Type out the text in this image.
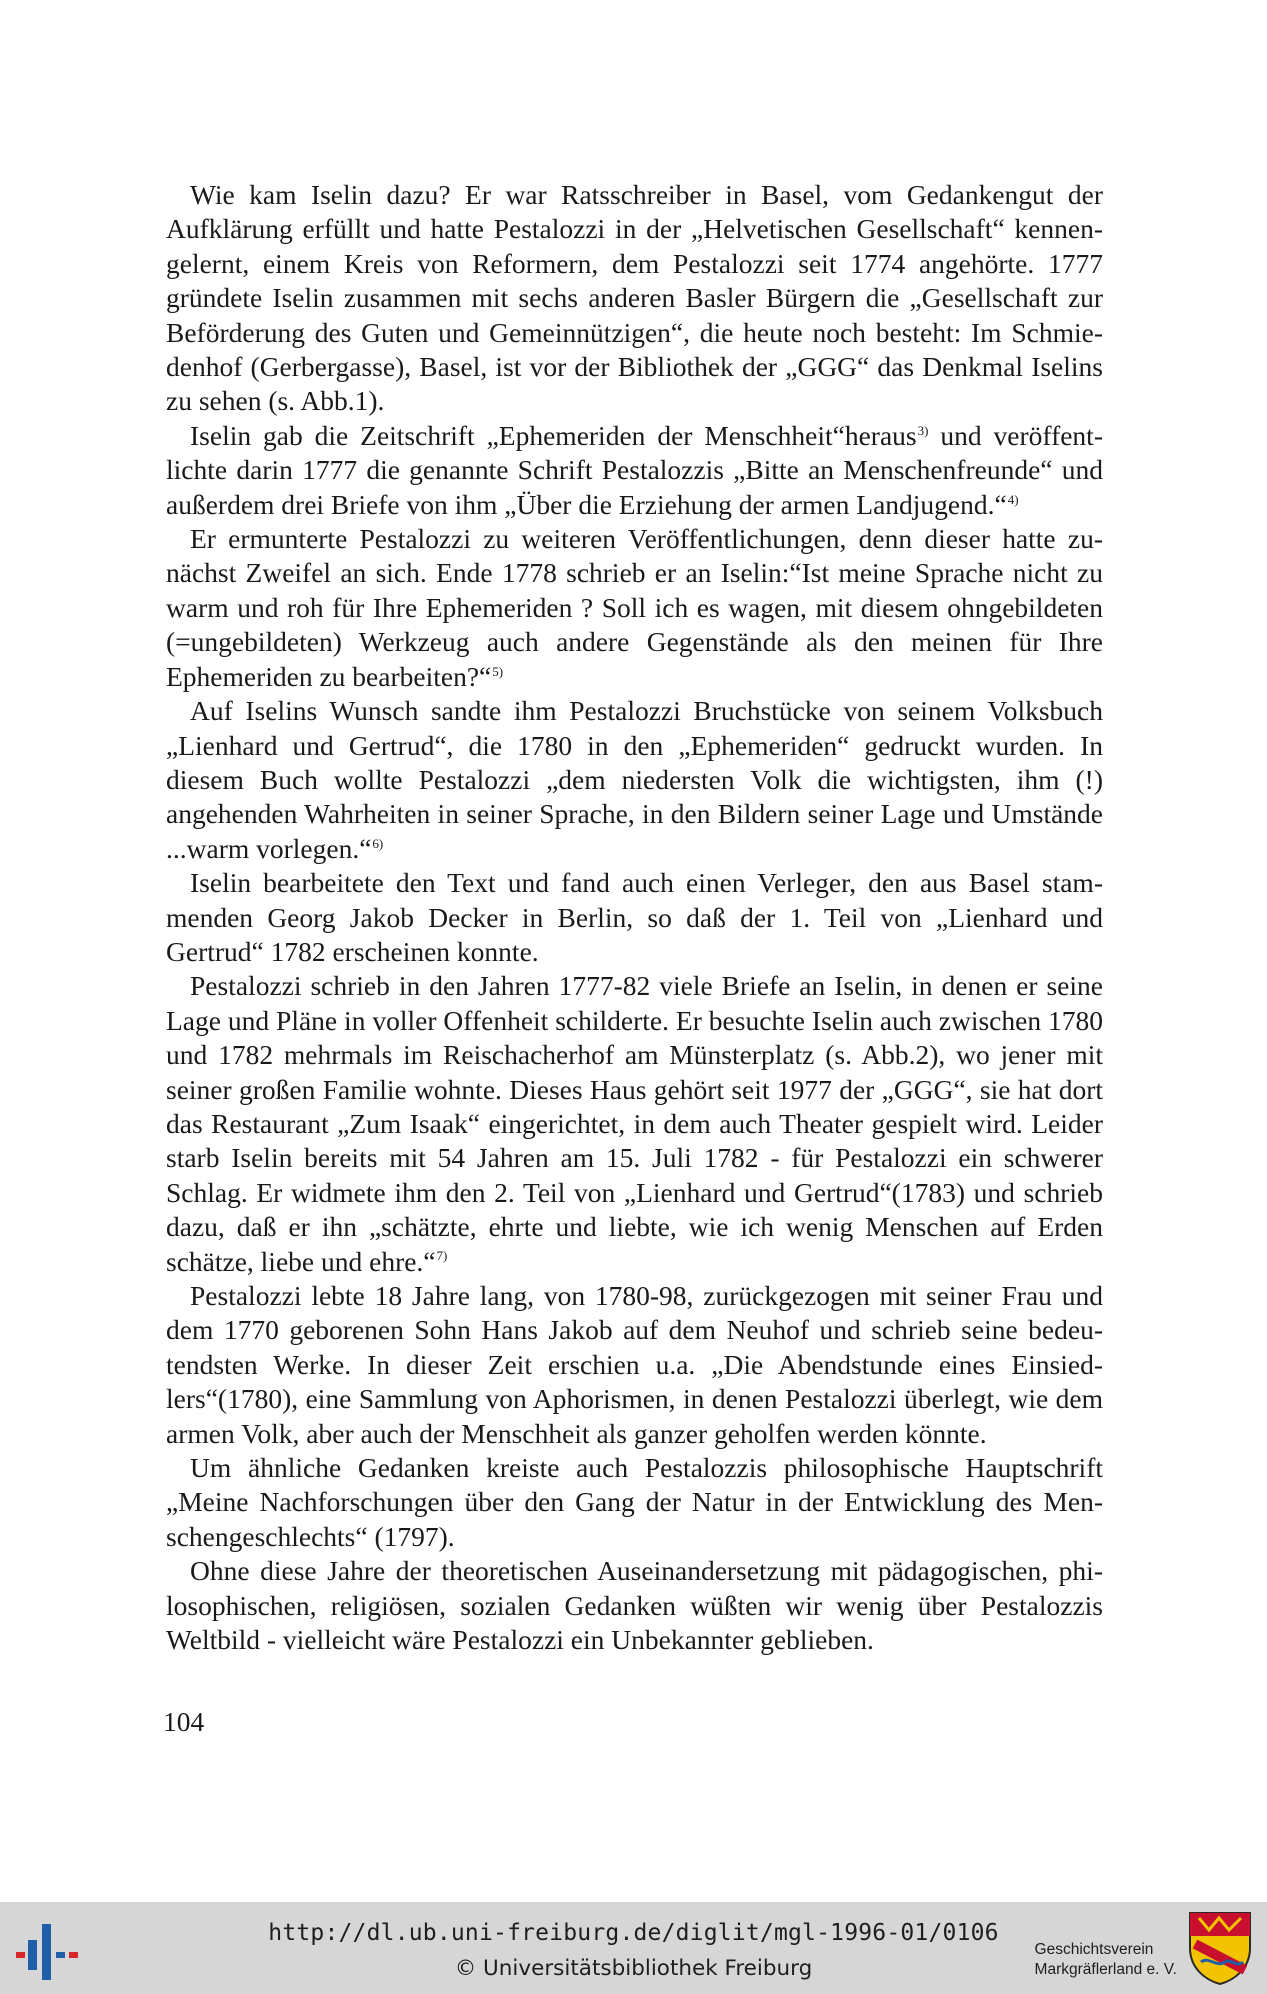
Wie kam Iselin dazu? Er war Ratsschreiber in Basel, vom Gedankengut der Aufklärung erfüllt und hatte Pestalozzi in der „Helvetischen Gesellschaft“ kennengelernt, einem Kreis von Reformern, dem Pestalozzi seit 1774 angehörte. 1777 gründete Iselin zusammen mit sechs anderen Basler Bürgern die „Gesellschaft zur Beförderung des Guten und Gemeinnützigen“, die heute noch besteht: Im Schmiedenhof (Gerbergasse), Basel, ist vor der Bibliothek der „GGG“ das Denkmal Iselins zu sehen (s. Abb.1).

Iselin gab die Zeitschrift „Ephemeriden der Menschheit“heraus$^{3)}$ und veröffentlichte darin 1777 die genannte Schrift Pestalozzis „Bitte an Menschenfreunde“ und außerdem drei Briefe von ihm „Über die Erziehung der armen Landjugend.“$^{4)}$

Er ermunterte Pestalozzi zu weiteren Veröffentlichungen, denn dieser hatte zunächst Zweifel an sich. Ende 1778 schrieb er an Iselin:“Ist meine Sprache nicht zu warm und roh für Ihre Ephemeriden ? Soll ich es wagen, mit diesem ohngebildeten (=ungebildeten) Werkzeug auch andere Gegenstände als den meinen für Ihre Ephemeriden zu bearbeiten?“$^{5)}$

Auf Iselins Wunsch sandte ihm Pestalozzi Bruchstücke von seinem Volksbuch „Lienhard und Gertrud“, die 1780 in den „Ephemeriden“ gedruckt wurden. In diesem Buch wollte Pestalozzi „dem niedersten Volk die wichtigsten, ihm (!) angehenden Wahrheiten in seiner Sprache, in den Bildern seiner Lage und Umstände ...warm vorlegen.“$^{6)}$

Iselin bearbeitete den Text und fand auch einen Verleger, den aus Basel stammenden Georg Jakob Decker in Berlin, so daß der 1. Teil von „Lienhard und Gertrud“ 1782 erscheinen konnte.

Pestalozzi schrieb in den Jahren 1777-82 viele Briefe an Iselin, in denen er seine Lage und Pläne in voller Offenheit schilderte. Er besuchte Iselin auch zwischen 1780 und 1782 mehrmals im Reischacherhof am Münsterplatz (s. Abb.2), wo jener mit seiner großen Familie wohnte. Dieses Haus gehört seit 1977 der „GGG“, sie hat dort das Restaurant „Zum Isaak“ eingerichtet, in dem auch Theater gespielt wird. Leider starb Iselin bereits mit 54 Jahren am 15. Juli 1782 - für Pestalozzi ein schwerer Schlag. Er widmete ihm den 2. Teil von „Lienhard und Gertrud“(1783) und schrieb dazu, daß er ihn „schätzte, ehrte und liebte, wie ich wenig Menschen auf Erden schätze, liebe und ehre.“$^{7)}$

Pestalozzi lebte 18 Jahre lang, von 1780-98, zurückgezogen mit seiner Frau und dem 1770 geborenen Sohn Hans Jakob auf dem Neuhof und schrieb seine bedeutendsten Werke. In dieser Zeit erschien u.a. „Die Abendstunde eines Einsiedlers“(1780), eine Sammlung von Aphorismen, in denen Pestalozzi überlegt, wie dem armen Volk, aber auch der Menschheit als ganzer geholfen werden könnte.

Um ähnliche Gedanken kreiste auch Pestalozzis philosophische Hauptschrift „Meine Nachforschungen über den Gang der Natur in der Entwicklung des Menschengeschlechts“ (1797).

Ohne diese Jahre der theoretischen Auseinandersetzung mit pädagogischen, philosophischen, religiösen, sozialen Gedanken wüßten wir wenig über Pestalozzis Weltbild - vielleicht wäre Pestalozzi ein Unbekannter geblieben.

104
http://dl.ub.uni-freiburg.de/diglit/mgl-1996-01/0106
© Universitätsbibliothek Freiburg
Geschichtsverein
Markgräflerland e. V.
